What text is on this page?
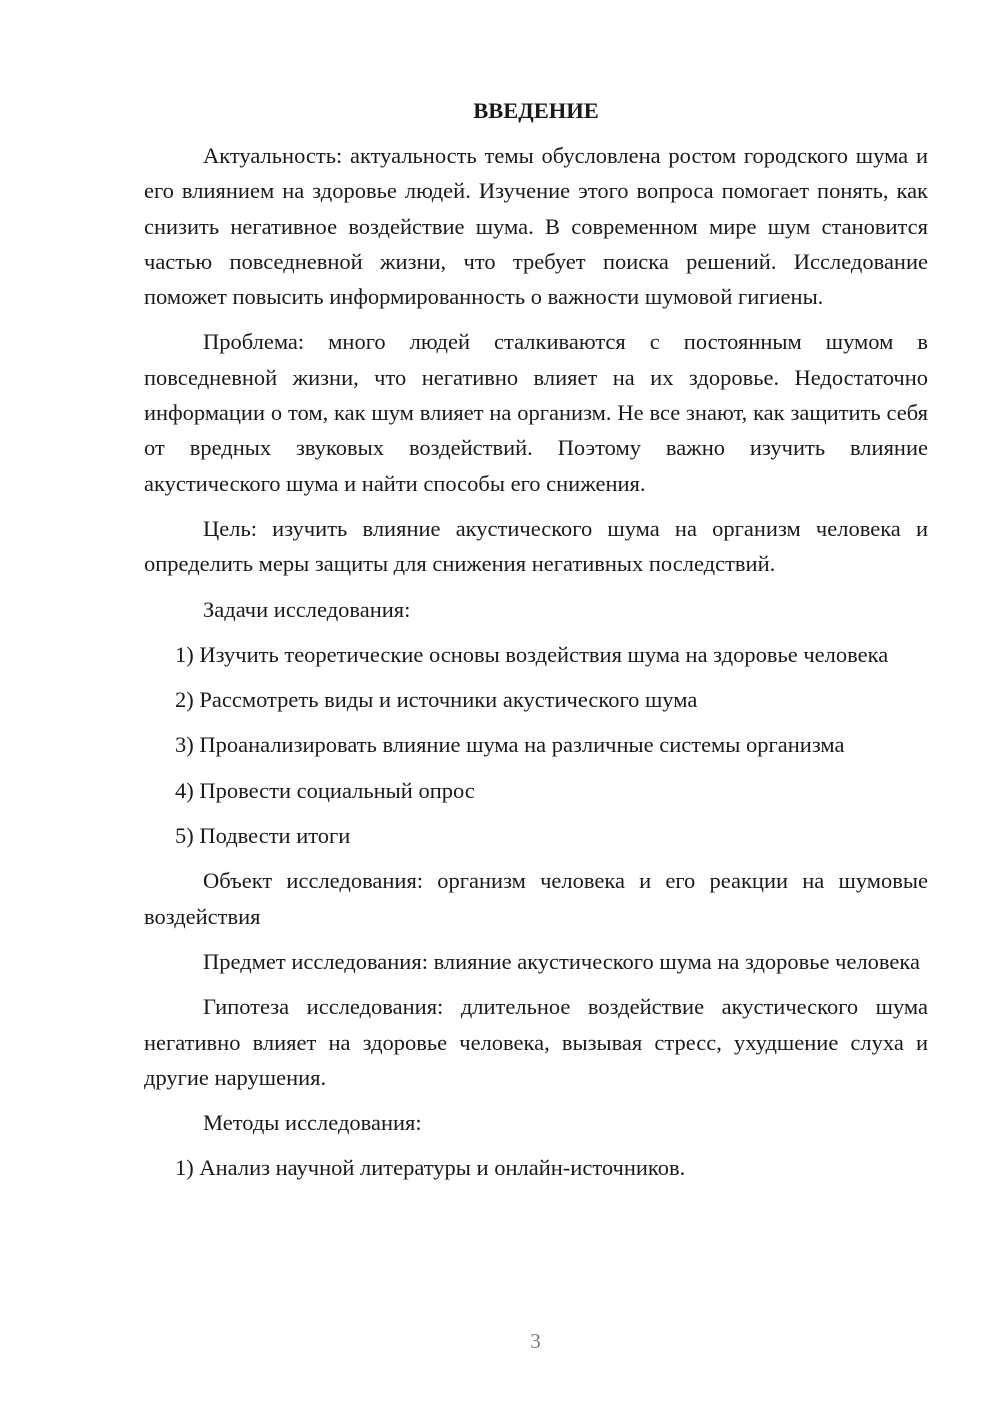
ВВЕДЕНИЕ

Актуальность: актуальность темы обусловлена ростом городского шума и его влиянием на здоровье людей. Изучение этого вопроса помогает понять, как снизить негативное воздействие шума. В современном мире шум становится частью повседневной жизни, что требует поиска решений. Исследование поможет повысить информированность о важности шумовой гигиены.

Проблема: много людей сталкиваются с постоянным шумом в повседневной жизни, что негативно влияет на их здоровье. Недостаточно информации о том, как шум влияет на организм. Не все знают, как защитить себя от вредных звуковых воздействий. Поэтому важно изучить влияние акустического шума и найти способы его снижения.

Цель: изучить влияние акустического шума на организм человека и определить меры защиты для снижения негативных последствий.

Задачи исследования:

1) Изучить теоретические основы воздействия шума на здоровье человека

2) Рассмотреть виды и источники акустического шума

3) Проанализировать влияние шума на различные системы организма

4) Провести социальный опрос

5) Подвести итоги

Объект исследования: организм человека и его реакции на шумовые воздействия

Предмет исследования: влияние акустического шума на здоровье человека

Гипотеза исследования: длительное воздействие акустического шума негативно влияет на здоровье человека, вызывая стресс, ухудшение слуха и другие нарушения.

Методы исследования:

1) Анализ научной литературы и онлайн-источников.

3
